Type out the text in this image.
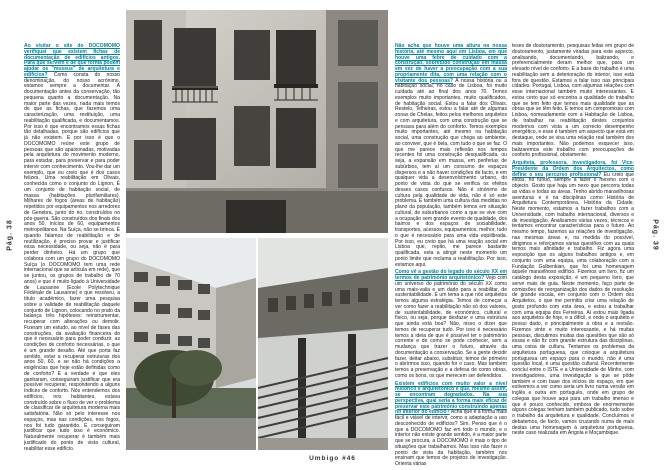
Pág. 38	Pág. 39

Ao visitar o site do DOCOMOMO verifiquei que existem fichas de documentação de edifícios antigos. Para que servem e de que forma podem ajudar os "museus" de arquitetura e edifícios? Como consta do nosso denominação, do nosso acrónimo, estamos sempre a documentar. A documentação antes da conservação, tão pequena quanto a documentação. Na maior parte das vezes, nada mais temos do que as fichas, que fazemos uma caracterização, uma restituição, uma reabilitação qualificada, e documentamos. Por isso é que encontramos essas fichas tão detalhadas, porque são edifícios que já não existem. E por isso é que o DOCOMOMO reúne este grupo de pessoas que são apaixonadas, motivadas pela arquitetura do movimento moderno, para estudar, para preservar e para poder intervir com conhecimento. Vou-lhe dar um exemplo, que eu creio que é dos casos felizes. Uma reabilitação em Olivais, conhecida como o conjunto do Lignon. É um conjunto de habitação social, de massa (habitações plurifamiliares). Milhares de fogos (áreas de habitação) repetidos por equipamentos nos arredores de Genebra, junto do rio, construídos no pós-guerra. São construídos dos finais dos anos 50, inícios de 60, equipamentos metropolitanos. Na Suíça, não se brinca. É quando falamos de reabilitação e de reutilização, é preciso provar e justificar essa necessidade, ou seja, não é para perder dinheiro. Há um grupo que colabora com um grupo do DOCOMOMO Suíça (o DOCOMOMO tem uma rede internacional que se articula em rede), que se juntou, os grupos de trabalho de 70 anos) e que é muito ligado à Universidade de Lausanne (Ecole Polytechnique Fédérale de Lausanne) e que resolveu, a título académico, fazer uma pesquisa sobre a validade de reabilitação daquele conjunto de Lignon, colocando no prato da balança três hipóteses: reinstrumentar, recuperar com alterações ou demolir. Fizeram um estudo, ao nível de fases das construções, da avaliação financeira do que é necessário para poder conduzir, as condições de conforto necessárias, o que é um grande desafio. Até que porta faz sentido, estar a recuperar estruturas dos anos 50, 60, e se não há condições a exigências que hoje estão definidas como de conforto? E a verdade é que eles ganharam, conseguiram justificar que era possível recuperar, respondendo a alguns índices de conforto. Nós entendemos dos edifícios, nos habitantes, estava construído sobre o fluxo de ver o problema de classificar de arquitetura moderna mais satisfatória. Não só pelo interesse nos espaços, mas nas condições, nos fogos, nos foi tudo garantido. É conseguiram justificar que tudo isso é económico. Naturalmente recuperar é também mais justificado do ponto de vista cultural, reabilitar esse edifício.

Não acha que houve uma altura na nossa história, até mesmo aqui em Lisboa, em que houve uma febre de cuidado com a construção, sobretudo construção em massa em vez de haver a preocupação com a sua propriamente dita, com uma relação com o visitante dos pessoas? A nossa história ou a habitação social, no caso de Lisboa, foi muito cuidada até ao final dos anos 70. Temos exemplos muito importantes, muito qualificados, de habitação social. Estou a falar dos Olivais, Restelo, Telheiras, estou a falar até de algumas zonas de Chelas, feitos pelos melhores arquitetos e com arquitetura, com uma construção que se pensava para além do conforto. Temos exemplos muito importantes, até mesmo na habitação social, uma construção que chega ao ambiente, ao conviver, que é bela, com tudo o que se faz. O que me parece mais reflexão nos tempos recentes foi uma construção desqualificada, ou seja, a expansão em massa, em periferias de subúrbios, tem aí um consumo de espaços dispersos e a não haver condições de facto, e em qualquer vida a desenvolvimento urbano, do ponto de vista do que se verifica os efeitos desses casos confusos. Não é sinónimo de cultura pela qualidade de vida, não é só este problema. É também uma cultura das medidas no plano da população, também temos em situação cultural, de suburbanos como a que se vive com a ocupação sem grande evento de qualidade, dos bairros e dos espaços de sociabilidade, transportes, acessos, equipamentos, melhor, tudo o que é necessário para uma vida equilibrada. Por isso, eu creio que há uma reação social em Lisboa que, repito, me parece bastante qualificada, esta a atingir neste momento um ponto limite que reclama a reabilitação. Por isso, estamos aqui.

Como vê a gestão do legado do século XX em termos de património arquitetónico? Vejo com um universo do património do século XX como uma mais-valia e um dado para a reabilitar, de sustentabilidade. É um tema a que nós arquitetos temos alguma estratégia. Temos de começar a ver como fazer a reabilitação não só dos valores, de sustentabilidade, de económico, cultural e físico, ou seja, porque desfazer e uma estrutura que ainda está boa? Não, nisso o dizer que temos de recuperar tudo. Por isso é necessário temos a ideia de que é possível ter o património corrente e de como se pode conhecer, sem a mudança que trazer o futuro, através da documentação a conservação. Se a gente decidir fazer, deitar abaixo, substituir, temos de primeiro o abrirmos isso, quando for o caso. Mas também temos a preservação e a defesa de como obras, como os bons, os que merecem ser defendidos.

Existem edifícios com muito valor a nível histórico e arquitetónico e que, mesmo assim, se encontram degradados. Na sua perspectiva, qual seria a forma mais eficaz de preservar este património construindo apenas no interior do edifício? Acha que é a forma mais fácil e viável de intervir, como a adaptação a uso desconhecido de edifícios? Sim. Penso que é o que a DOCOMOMO faz em todo o mundo, e o interior não existe grande sentido, é a maior parte que se procura, a DOCOMOMO é mais o tipo de situações que trabalhamos. Mas isso não fazer o ponto de vista da habitação, também nos ensinam que temos de projetos de investigação. Orienta várias

teses de doutoramento, pesquisas feitas em grupo de doutoramento, justamente viradas para este aspecto, analisando, documentando, balizando, e preferencialmente deram melhor que, para um elevado nível de conforto. E a base do trabalho é uma reabilitação sem a deterioração do interior, isso está fora de questão. Estamos a falar isso nas principais cidades. Portugal, Lisboa, com algumas relações com esse internacional também muito interessantes. E estou certo que só encontra a qualidade do trabalho que se tem feito que temos mais qualidade que as obras que se têm feito. E temos um compromisso com Lisboa, nomeadamente com a Habitação de Lisboa, de trabalhar na reabilitação destes conjuntos modernos com vista a um correcto desempenho energético, e esse é também um aspecto que está em destaque, onde se visa uma relação real também dos mais importantes. Não podemos esquecer isso, balizaremos este trabalho com preocupações de conforto profissional, obviamente.

Arquiteta, professora, investigadora, foi Vice-Presidente da Ordem dos Arquitectos, como define o seu percurso profissional? Eu creio que estou, no fundo, sempre a fazer o mesmo com o objecto. Gosto que haja um nexo que percorra todas as vidas e todas as áreas. Tenho abrido maravilhosas aventuras e é na disciplinas como História de Arquitetura Contemporânea, História da Cidade. Neste momento, estamos a fazer trabalhos com a Universidade, com trabalho internacional, diversos e de investigação. Analisamos várias vezes, técnicos e tentamos encontrar características para o futuro. Ao mesmo tempo, fazemos as relações de investigação, nas mesmas áreas e, na medida do possível, dirigimos e reforçamos várias questões com as quais temos mais afinidade e trabalho. Fiz agora uma exposição que os alguns trabalhos antigos e, em conjunto com uma equipa, uma colaboração com a Fundação Gulbenkian, que foi uma homenagem àquele maravilhoso edifício. Fizemos um livro, fiz um catálogo desta exposição, é um pequeno livro, que serve mais de guia. Neste momento, faço parte de comissões de reorganização dos dados de resolução de grande escala, em conjunto com o Ordem dos Arquitetos, o que me permitiu criar uma relação de gosto profundo com esta área, e estou a trabalhar com uma equipa dos Ferreiras. Aí estou mais ligada aos arquitetos de hoje, e a difícil, e onde o arquiteto e possui dado, e principalmente a obra e a revisão. Fizemos vinte e muito interessante, e há muitas pessoas, discutimos muitas das questões que são só essas e não fiz com grande estrutura das disciplinas, uma coisa de cultura. Tentamos os problemas da arquitetura portuguesa, que coloque a arquitetura portuguesa um espaço para o mundo, não é uma questão local, é uma questão cultural. Recentemente concluí entre o ISTE e a Universidade de Minho, com investigadores, uma investigação a que se pôde também e com base dos inícios do espaço, em que estivemos a ver como seria um livro numa versão em inglês e outra em português, onde em grupo de colegas que houve aqui para um trabalho imenso e que é pouco conhecido, embora de enormemente alguns colegas tenham também publicado, tudo sobre o trabalho da arquitetura e qualidade. Concluímos e debatemos, de facto, vamos cruzando numa de mais destas uma homenagem à arquitetura portuguesa, neste caso realizada em Angola e Moçambique.

Umbigo #46
